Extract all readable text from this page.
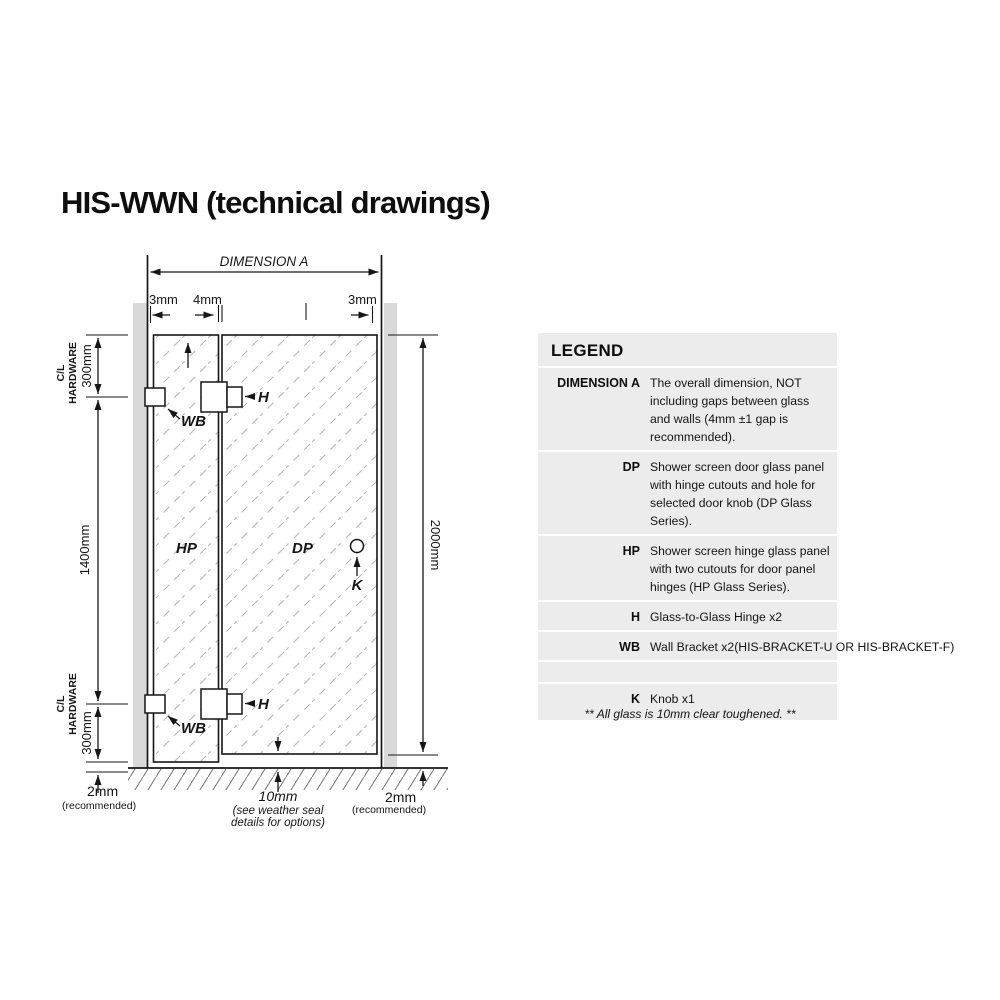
HIS-WWN (technical drawings)
DIMENSION A
3mm 4mm	3mm
HP	DP
H
H
WB
WB
K
10mm
(see weather seal
details for options)
300mm
C/L HARDWARE
1400mm
C/L HARDWARE 300mm
2mm
(recommended)
2000mm
2mm
(recommended)
LEGEND
DIMENSION A The overall dimension, NOT including gaps between glass and walls (4mm ±1 gap is recommended).
DP Shower screen door glass panel with hinge cutouts and hole for selected door knob (DP Glass Series).
HP Shower screen hinge glass panel with two cutouts for door panel hinges (HP Glass Series).
H Glass-to-Glass Hinge x2
WB Wall Bracket x2(HIS-BRACKET-U OR HIS-BRACKET-F)
K Knob x1
** All glass is 10mm clear toughened. **
